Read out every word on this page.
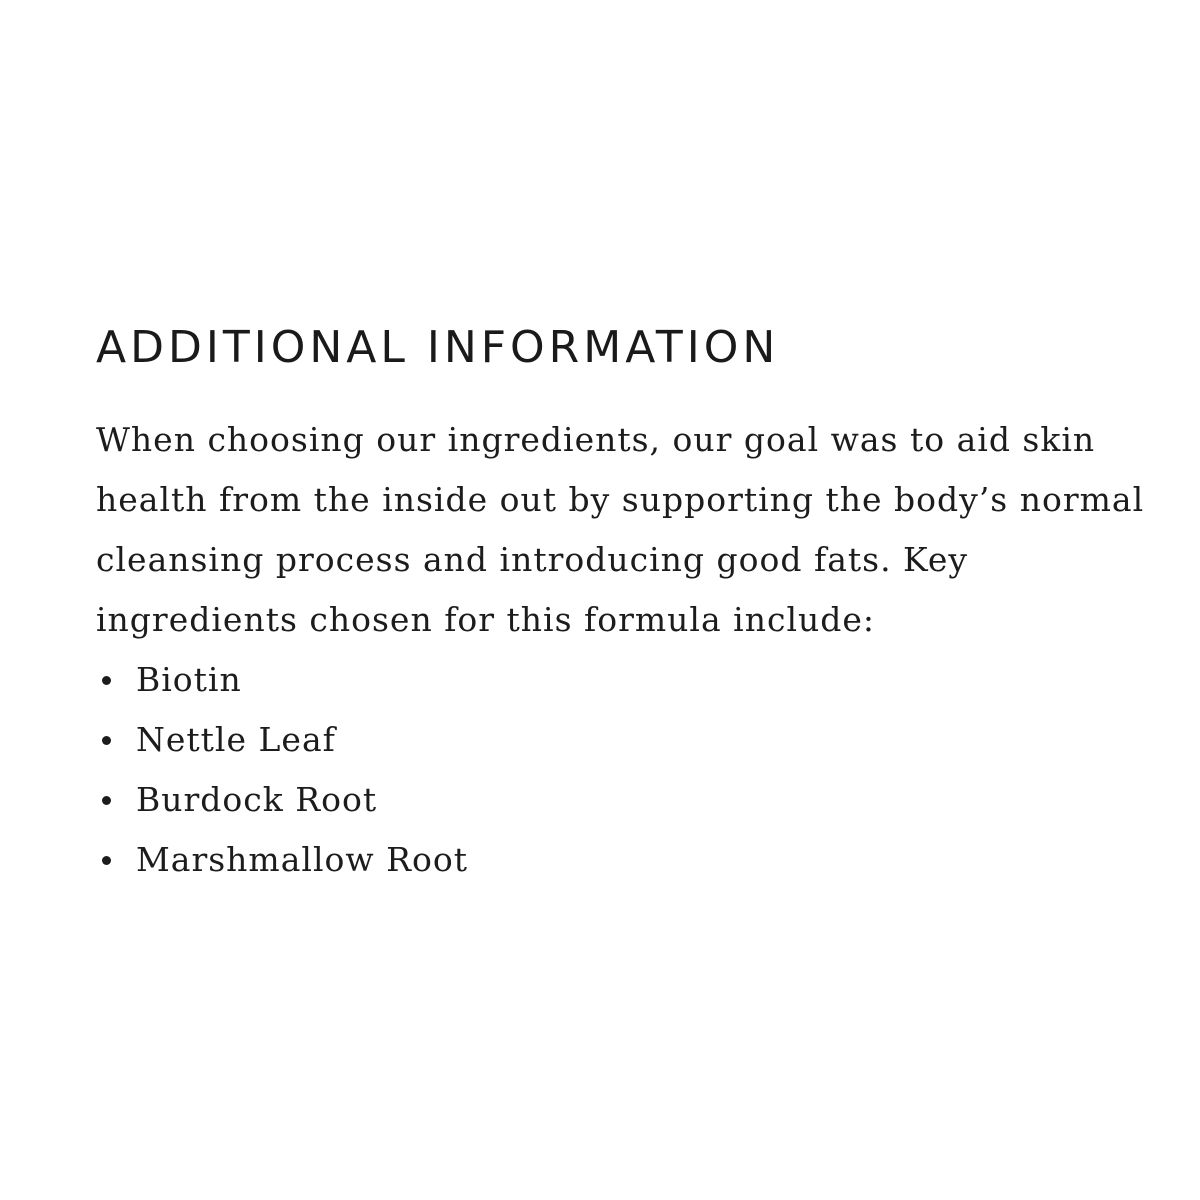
ADDITIONAL INFORMATION

When choosing our ingredients, our goal was to aid skin health from the inside out by supporting the body’s normal cleansing process and introducing good fats. Key ingredients chosen for this formula include:

Biotin
Nettle Leaf
Burdock Root
Marshmallow Root
